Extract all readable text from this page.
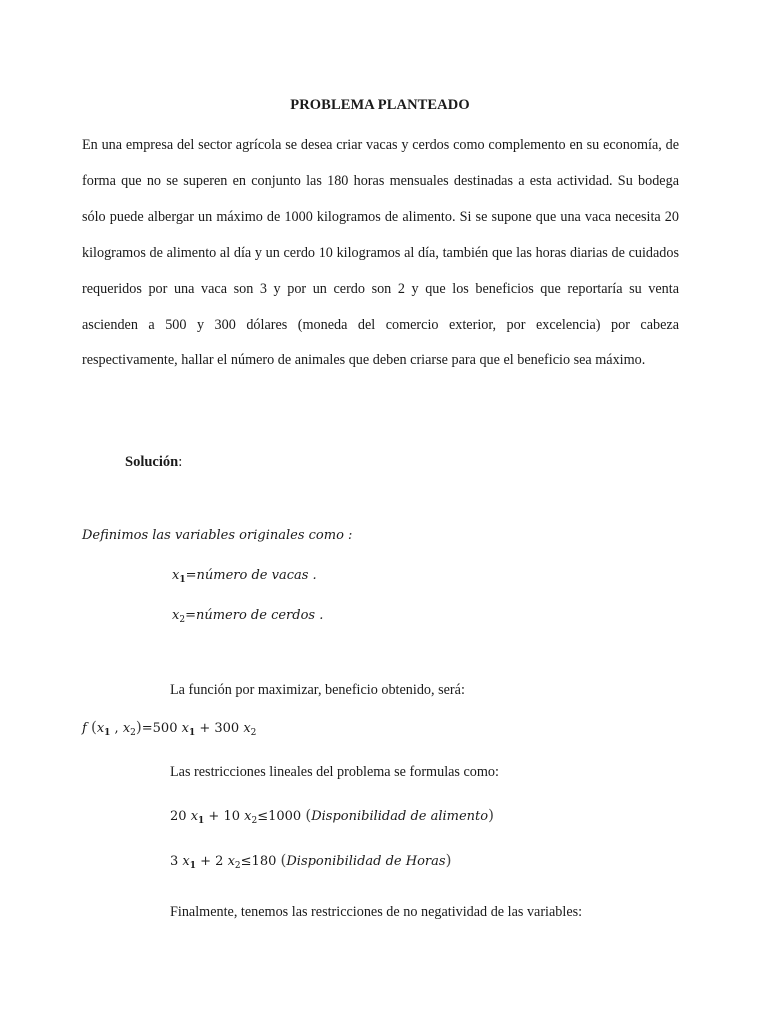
PROBLEMA PLANTEADO
En una empresa del sector agrícola se desea criar vacas y cerdos como complemento en su economía, de forma que no se superen en conjunto las 180 horas mensuales destinadas a esta actividad. Su bodega sólo puede albergar un máximo de 1000 kilogramos de alimento. Si se supone que una vaca necesita 20 kilogramos de alimento al día y un cerdo 10 kilogramos al día, también que las horas diarias de cuidados requeridos por una vaca son 3 y por un cerdo son 2 y que los beneficios que reportaría su venta ascienden a 500 y 300 dólares (moneda del comercio exterior, por excelencia) por cabeza respectivamente, hallar el número de animales que deben criarse para que el beneficio sea máximo.
Solución:
Definimos las variables originales como :
$x_1=número$ de vacas .
$x_2=número$ de cerdos .
La función por maximizar, beneficio obtenido, será:
f ($x_1$ , $x_2)=500$ $x_1 + 300$ $x_2$
Las restricciones lineales del problema se formulas como:
20 $x_1 + 10$ $x_2\le 1000$ (Disponibilidad de alimento)
3 $x_1 + 2$ $x_2\le 180$ (Disponibilidad de Horas)
Finalmente, tenemos las restricciones de no negatividad de las variables:
